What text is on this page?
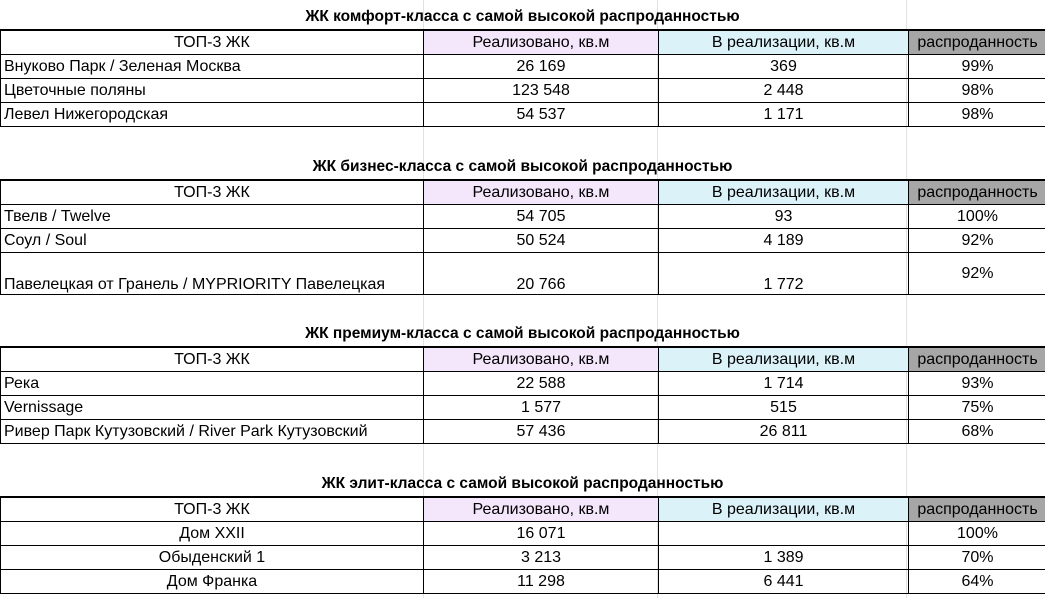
ЖК комфорт-класса с самой высокой распроданностью
ТОП-3 ЖК	Реализовано, кв.м	В реализации, кв.м	распроданность
Внуково Парк / Зеленая Москва	26 169	369	99%
Цветочные поляны	123 548	2 448	98%
Левел Нижегородская	54 537	1 171	98%
ЖК бизнес-класса с самой высокой распроданностью
ТОП-3 ЖК	Реализовано, кв.м	В реализации, кв.м	распроданность
Твелв / Twelve	54 705	93	100%
Соул / Soul	50 524	4 189	92%
Павелецкая от Гранель / MYPRIORITY Павелецкая	20 766	1 772	92%
ЖК премиум-класса с самой высокой распроданностью
ТОП-3 ЖК	Реализовано, кв.м	В реализации, кв.м	распроданность
Река	22 588	1 714	93%
Vernissage	1 577	515	75%
Ривер Парк Кутузовский / River Park Кутузовский	57 436	26 811	68%
ЖК элит-класса с самой высокой распроданностью
ТОП-3 ЖК	Реализовано, кв.м	В реализации, кв.м	распроданность
Дом XXII	16 071		100%
Обыденский 1	3 213	1 389	70%
Дом Франка	11 298	6 441	64%
